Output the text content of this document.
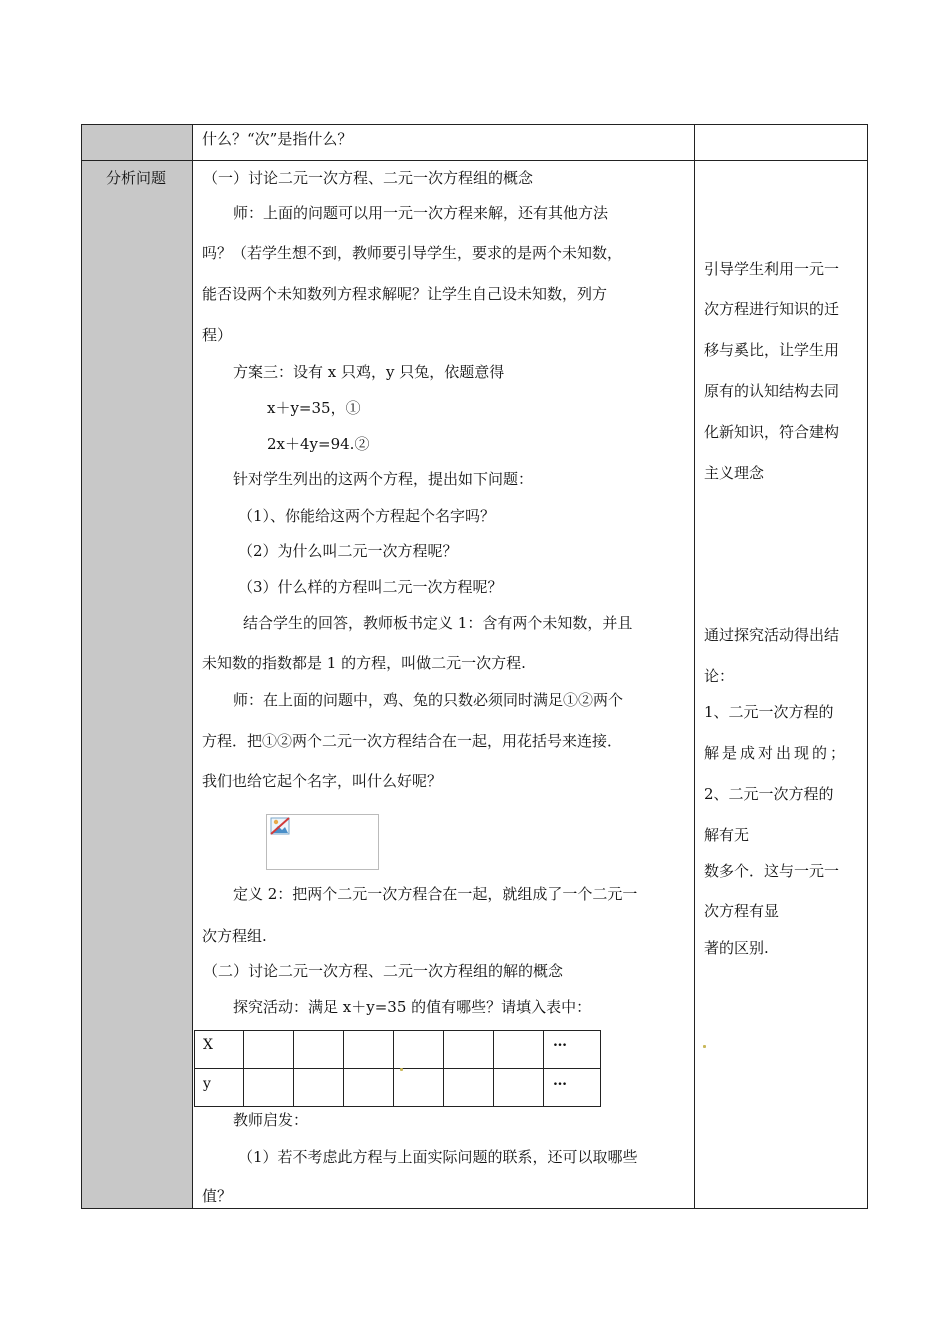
分析问题
什么？“次”是指什么？
（一）讨论二元一次方程、二元一次方程组的概念
师：上面的问题可以用一元一次方程来解，还有其他方法
吗？（若学生想不到，教师要引导学生，要求的是两个未知数，
能否设两个未知数列方程求解呢？让学生自己设未知数，列方
程）
方案三：设有 x 只鸡，y 只兔，依题意得
x＋y=35，①
2x＋4y=94.②
针对学生列出的这两个方程，提出如下问题：
（1）、你能给这两个方程起个名字吗？
（2）为什么叫二元一次方程呢？
（3）什么样的方程叫二元一次方程呢？
结合学生的回答，教师板书定义 1：含有两个未知数，并且
未知数的指数都是 1 的方程，叫做二元一次方程.
师：在上面的问题中，鸡、兔的只数必须同时满足①②两个
方程．把①②两个二元一次方程结合在一起，用花括号来连接．
我们也给它起个名字，叫什么好呢？
定义 2：把两个二元一次方程合在一起，就组成了一个二元一
次方程组.
（二）讨论二元一次方程、二元一次方程组的解的概念
探究活动：满足 x＋y=35 的值有哪些？请填入表中：
X
y
…
…
教师启发：
（1）若不考虑此方程与上面实际问题的联系，还可以取哪些
值？
引导学生利用一元一
次方程进行知识的迁
移与奚比，让学生用
原有的认知结构去同
化新知识，符合建构
主义理念
通过探究活动得出结
论：
1、二元一次方程的
解是成对出现的；
2、二元一次方程的
解有无
数多个．这与一元一
次方程有显
著的区别.
